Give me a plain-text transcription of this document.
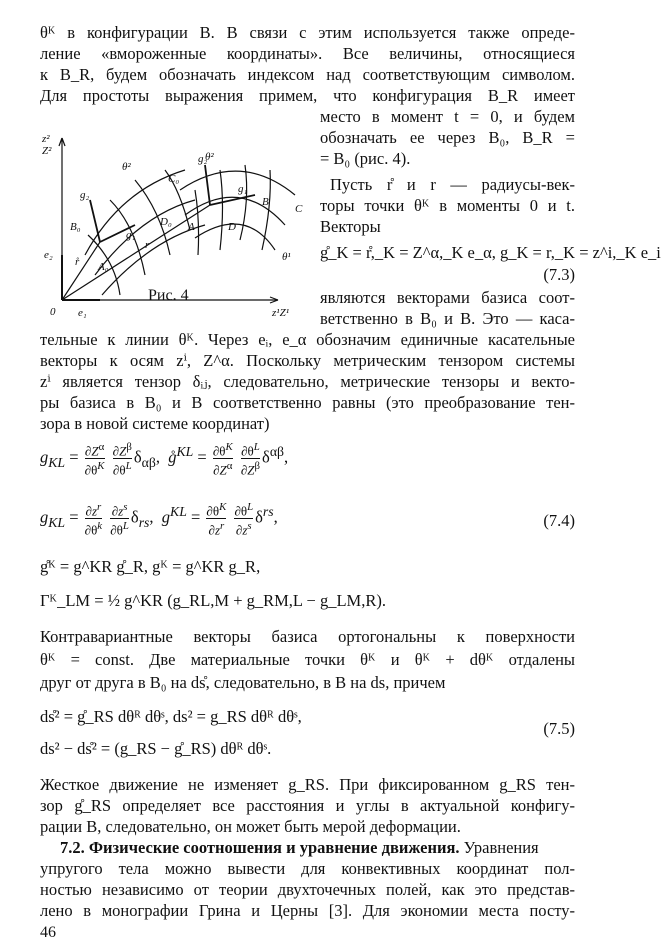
θᴷ в конфигурации B. В связи с этим используется также опреде-
ление «вмороженные координаты». Все величины, относящиеся
к B_R, будем обозначать индексом над соответствующим символом.
Для простоты выражения примем, что конфигурация B_R имеет
z²
Z²
e₂
0 e₁	z¹Z¹
θ²
θ²
θ¹
g₂
g₁
g₂
g₁
B₀
A₀
C₀
D₀ A
B
C
D
r̊
r
место в момент t = 0, и будем
обозначать ее через B₀, B_R =
= B₀ (рис. 4).
Пусть r̊ и r — радиусы-век-
торы точки θᴷ в моменты 0 и t.
Векторы
g̊_K = r̊,_K = Z^α,_K e_α, g_K = r,_K = z^i,_K e_i
(7.3)
Рис. 4	являются векторами базиса соот-
ветственно в B₀ и B. Это — каса-
тельные к линии θᴷ. Через eᵢ, e_α обозначим единичные касательные
векторы к осям zⁱ, Z^α. Поскольку метрическим тензором системы
zⁱ является тензор δᵢⱼ, следовательно, метрические тензоры и векто-
ры базиса в B₀ и B соответственно равны (это преобразование тен-
зора в новой системе координат)
$g_{KL} = \frac{\partial Z^\alpha}{\partial\theta^K}$
$\frac{\partial Z^\beta}{\partial\theta^L} \delta_{\alpha\beta}$,  g̊$^{KL}$ = $\frac{\partial\theta^K}{\partial Z^\alpha}$
$\frac{\partial\theta^L}{\partial Z^\beta} \delta^{\alpha\beta}$,
$g_{KL} = \frac{\partial z^r}{\partial\theta^k}$
$\frac{\partial z^s}{\partial\theta^L} \delta_{rs}$,  $g^{KL} = \frac{\partial\theta^K}{\partial z^r}$
$\frac{\partial\theta^L}{\partial z^s} \delta^{rs}$,	(7.4)
g̊ᴷ = g^KR g̊_R, gᴷ = g^KR g_R,
Γᴷ_LM = ½ g^KR (g_RL,M + g_RM,L − g_LM,R).
Контравариантные векторы базиса ортогональны к поверхности
θᴷ = const. Две материальные точки θᴷ и θᴷ + dθᴷ отдалены
друг от друга в B₀ на ds̊, следовательно, в B на ds, причем
ds̊² = g̊_RS dθᴿ dθˢ, ds² = g_RS dθᴿ dθˢ,
(7.5)
ds² − ds̊² = (g_RS − g̊_RS) dθᴿ dθˢ.
Жесткое движение не изменяет g_RS. При фиксированном g_RS тен-
зор g̊_RS определяет все расстояния и углы в актуальной конфигу-
рации B, следовательно, он может быть мерой деформации.
7.2. Физические соотношения и уравнение движения. Уравнения
упругого тела можно вывести для конвективных координат пол-
ностью независимо от теории двухточечных полей, как это представ-
лено в монографии Грина и Церны [3]. Для экономии места посту-
46
